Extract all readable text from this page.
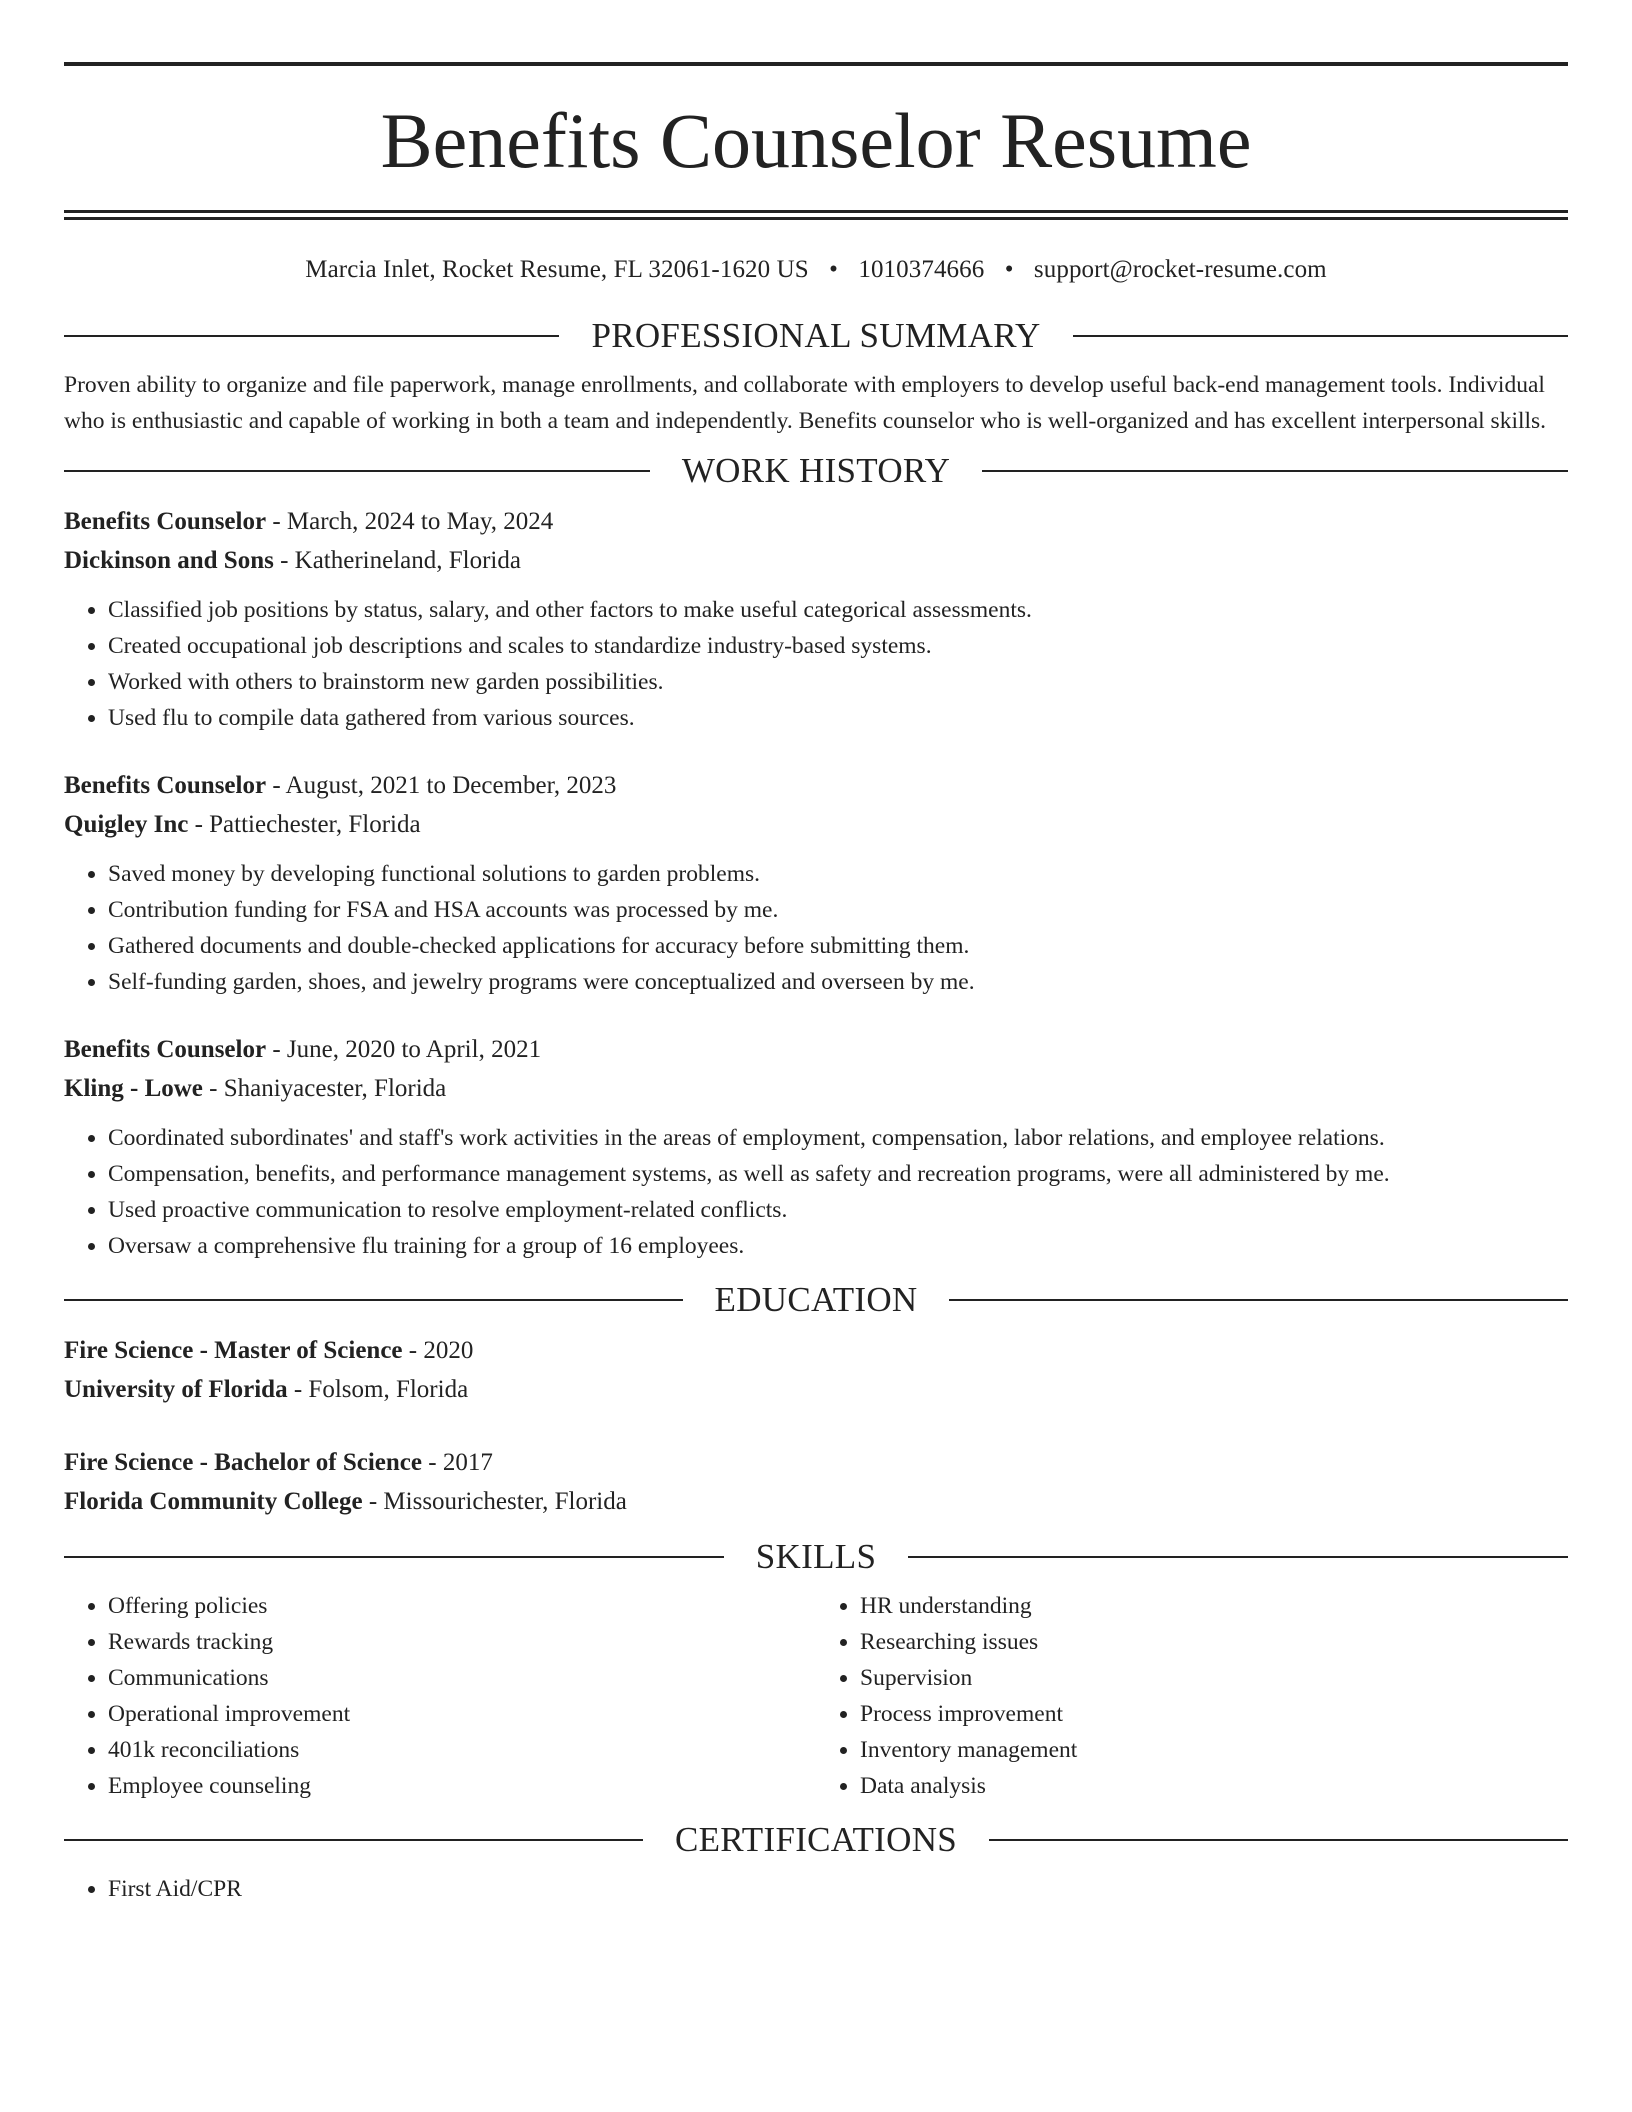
Benefits Counselor Resume
Marcia Inlet, Rocket Resume, FL 32061-1620 US • 1010374666 • support@rocket-resume.com
PROFESSIONAL SUMMARY

Proven ability to organize and file paperwork, manage enrollments, and collaborate with employers to develop useful back-end management tools. Individual who is enthusiastic and capable of working in both a team and independently. Benefits counselor who is well-organized and has excellent interpersonal skills.

WORK HISTORY
Benefits Counselor - March, 2024 to May, 2024
Dickinson and Sons - Katherineland, Florida
• Classified job positions by status, salary, and other factors to make useful categorical assessments.
• Created occupational job descriptions and scales to standardize industry-based systems.
• Worked with others to brainstorm new garden possibilities.
• Used flu to compile data gathered from various sources.
Benefits Counselor - August, 2021 to December, 2023
Quigley Inc - Pattiechester, Florida
• Saved money by developing functional solutions to garden problems.
• Contribution funding for FSA and HSA accounts was processed by me.
• Gathered documents and double-checked applications for accuracy before submitting them.
• Self-funding garden, shoes, and jewelry programs were conceptualized and overseen by me.
Benefits Counselor - June, 2020 to April, 2021
Kling - Lowe - Shaniyacester, Florida
• Coordinated subordinates' and staff's work activities in the areas of employment, compensation, labor relations, and employee relations.
• Compensation, benefits, and performance management systems, as well as safety and recreation programs, were all administered by me.
• Used proactive communication to resolve employment-related conflicts.
• Oversaw a comprehensive flu training for a group of 16 employees.
EDUCATION
Fire Science - Master of Science - 2020
University of Florida - Folsom, Florida
Fire Science - Bachelor of Science - 2017
Florida Community College - Missourichester, Florida
SKILLS
• Offering policies
• Rewards tracking
• Communications
• Operational improvement
• 401k reconciliations
• Employee counseling
• HR understanding
• Researching issues
• Supervision
• Process improvement
• Inventory management
• Data analysis
CERTIFICATIONS
• First Aid/CPR
